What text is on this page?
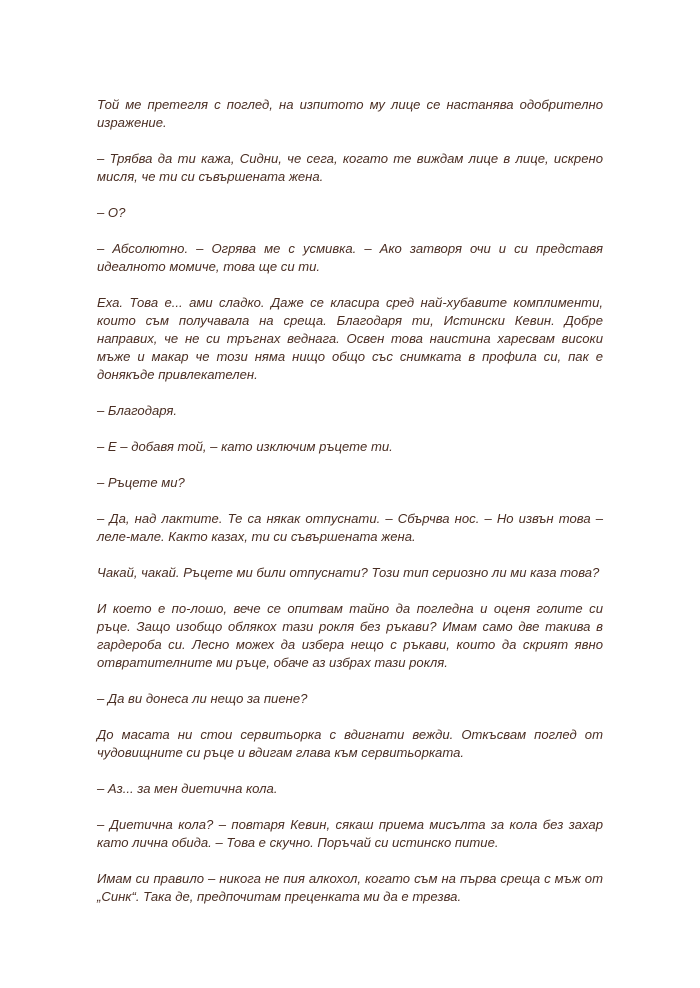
Той ме претегля с поглед, на изпитото му лице се настанява одобрително изражение.

– Трябва да ти кажа, Сидни, че сега, когато те виждам лице в лице, искрено мисля, че ти си съвършената жена.

– О?

– Абсолютно. – Огрява ме с усмивка. – Ако затворя очи и си представя идеалното момиче, това ще си ти.

Еха. Това е... ами сладко. Даже се класира сред най-хубавите комплименти, които съм получавала на среща. Благодаря ти, Истински Кевин. Добре направих, че не си тръгнах веднага. Освен това наистина харесвам високи мъже и макар че този няма нищо общо със снимката в профила си, пак е донякъде привлекателен.

– Благодаря.

– Е – добавя той, – като изключим ръцете ти.

– Ръцете ми?

– Да, над лактите. Те са някак отпуснати. – Сбърчва нос. – Но извън това – леле-мале. Както казах, ти си съвършената жена.

Чакай, чакай. Ръцете ми били отпуснати? Този тип сериозно ли ми каза това?

И което е по-лошо, вече се опитвам тайно да погледна и оценя голите си ръце. Защо изобщо облякох тази рокля без ръкави? Имам само две такива в гардероба си. Лесно можех да избера нещо с ръкави, които да скрият явно отвратителните ми ръце, обаче аз избрах тази рокля.

– Да ви донеса ли нещо за пиене?

До масата ни стои сервитьорка с вдигнати вежди. Откъсвам поглед от чудовищните си ръце и вдигам глава към сервитьорката.

– Аз... за мен диетична кола.

– Диетична кола? – повтаря Кевин, сякаш приема мисълта за кола без захар като лична обида. – Това е скучно. Поръчай си истинско питие.

Имам си правило – никога не пия алкохол, когато съм на първа среща с мъж от „Синк“. Така де, предпочитам преценката ми да е трезва.
